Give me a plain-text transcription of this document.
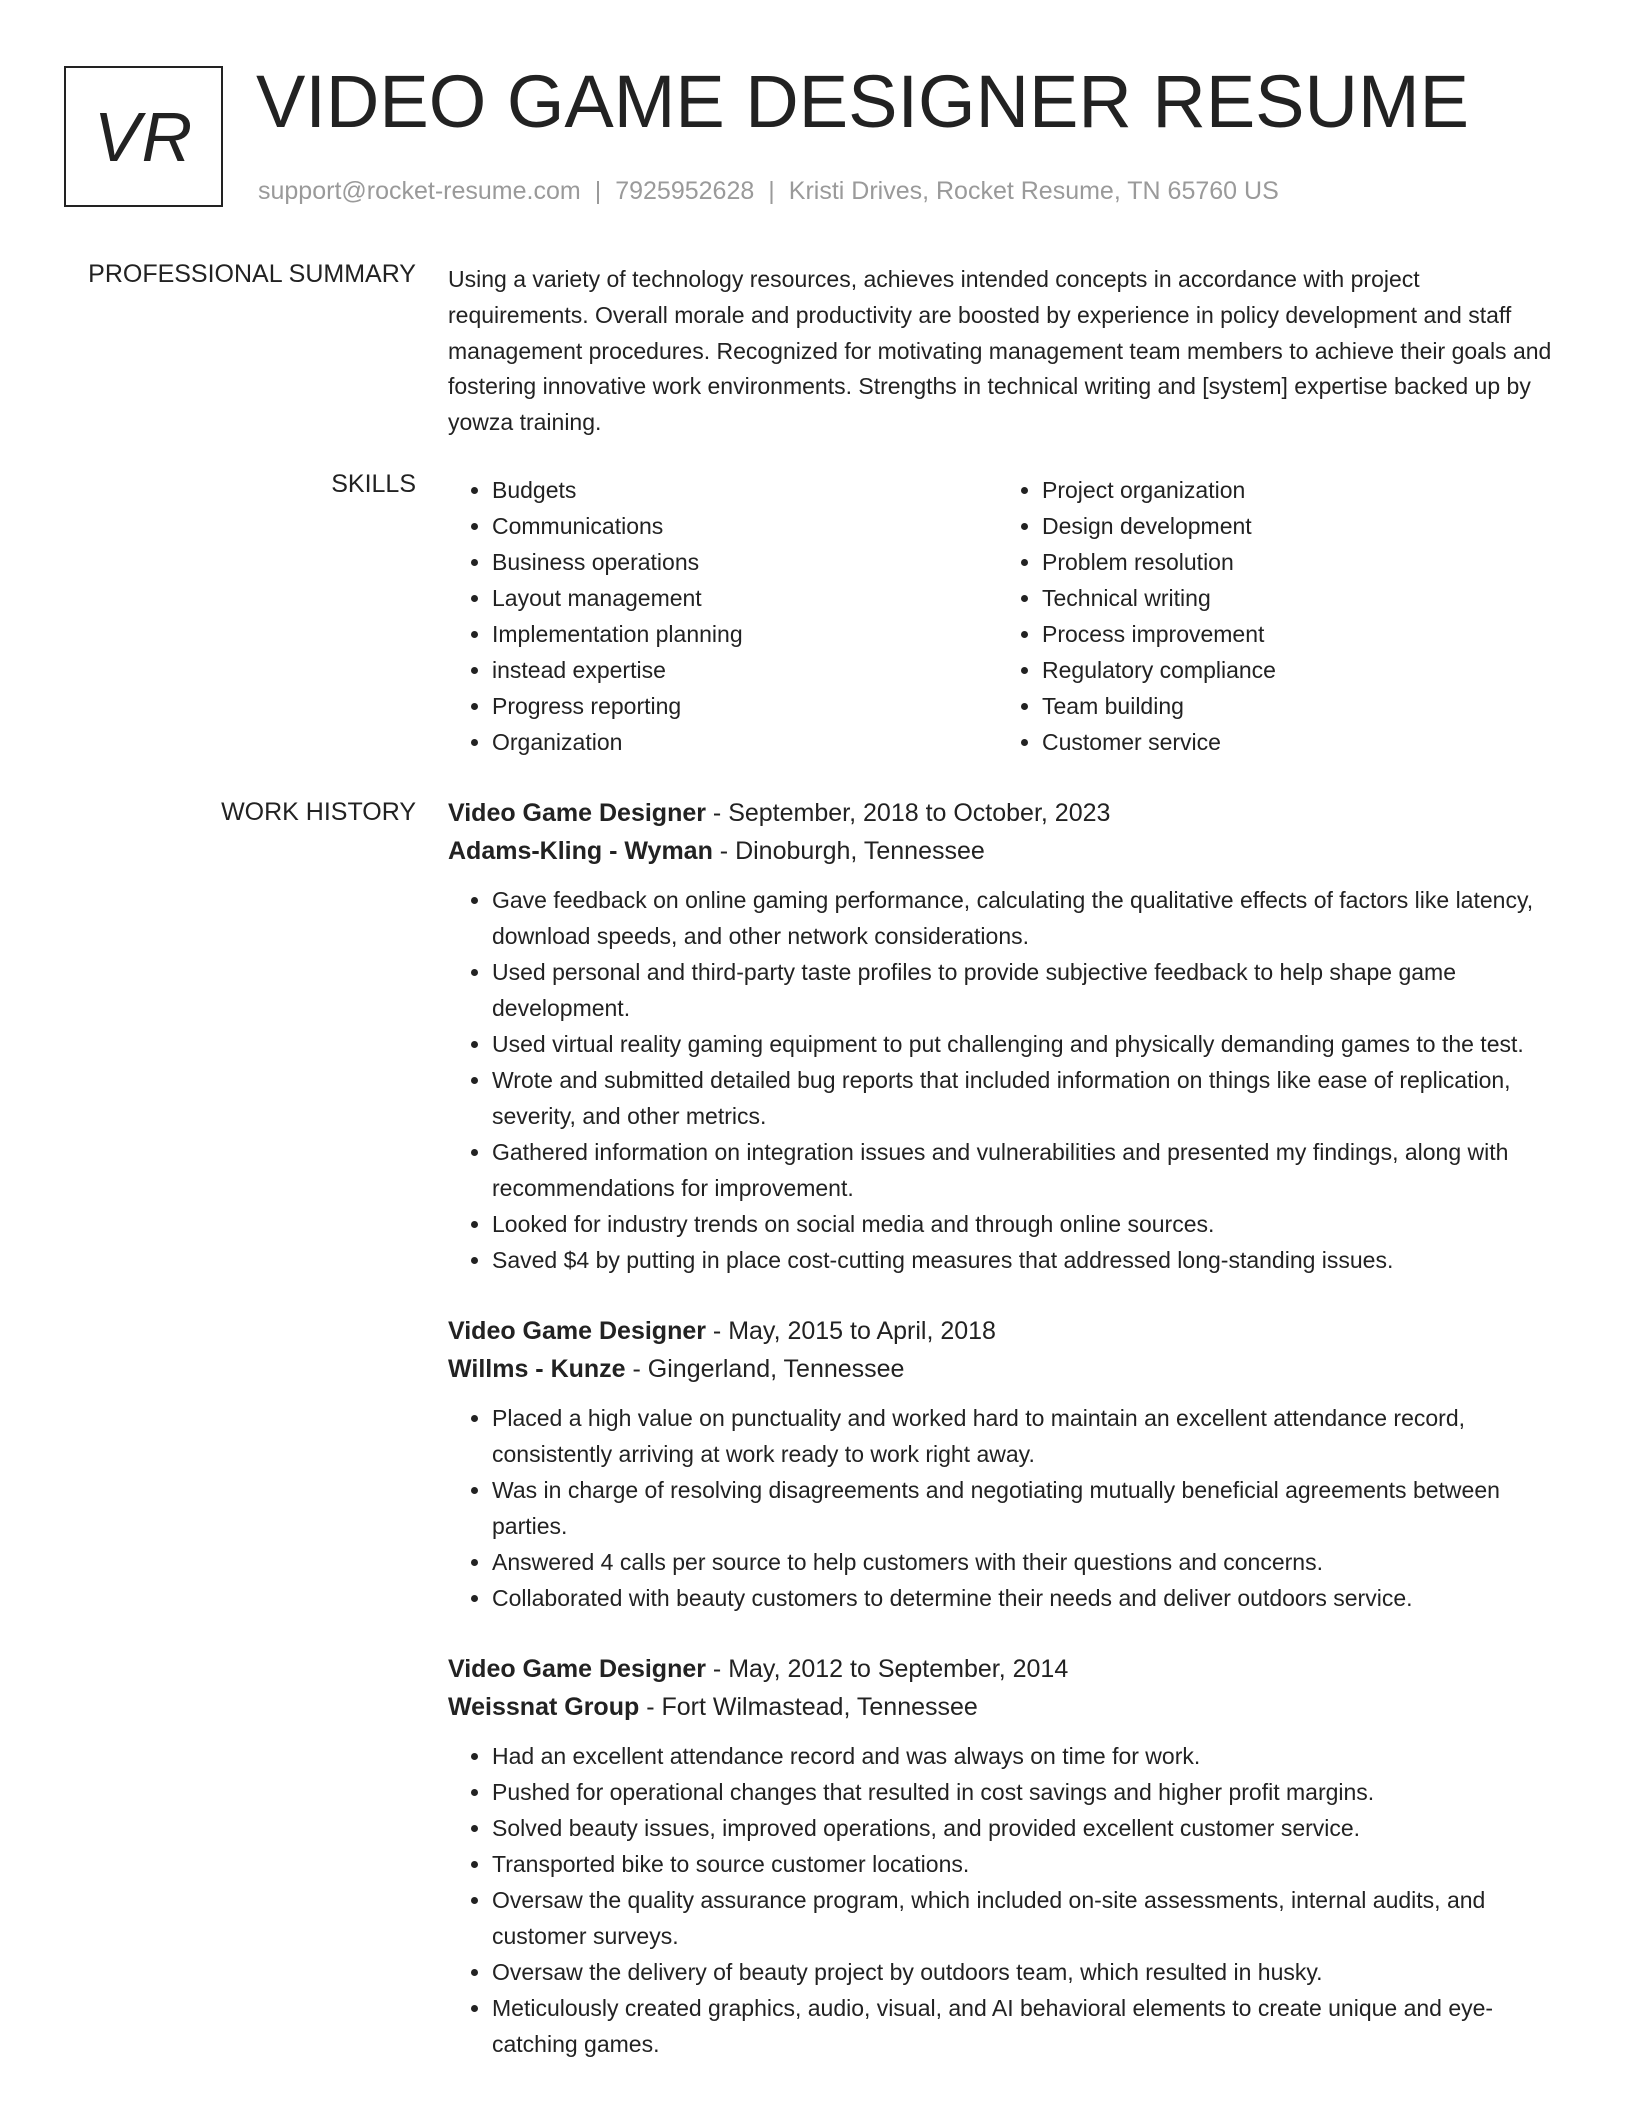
VR VIDEO GAME DESIGNER RESUME
support@rocket-resume.com | 7925952628 | Kristi Drives, Rocket Resume, TN 65760 US
PROFESSIONAL SUMMARY Using a variety of technology resources, achieves intended concepts in accordance with project requirements. Overall morale and productivity are boosted by experience in policy development and staff management procedures. Recognized for motivating management team members to achieve their goals and fostering innovative work environments. Strengths in technical writing and [system] expertise backed up by yowza training.

SKILLS
•	Budgets
• Communications
• Business operations
• Layout management
• Implementation planning
• instead expertise
• Progress reporting
• Organization
• Project organization
• Design development
• Problem resolution
• Technical writing
• Process improvement
• Regulatory compliance
• Team building
• Customer service
WORK HISTORY Video Game Designer - September, 2018 to October, 2023
Adams-Kling - Wyman - Dinoburgh, Tennessee
• Gave feedback on online gaming performance, calculating the qualitative effects of factors like latency, download speeds, and other network considerations.
• Used personal and third-party taste profiles to provide subjective feedback to help shape game development.
• Used virtual reality gaming equipment to put challenging and physically demanding games to the test.
• Wrote and submitted detailed bug reports that included information on things like ease of replication, severity, and other metrics.
• Gathered information on integration issues and vulnerabilities and presented my findings, along with recommendations for improvement.
• Looked for industry trends on social media and through online sources.
• Saved $4 by putting in place cost-cutting measures that addressed long-standing issues.
Video Game Designer - May, 2015 to April, 2018
Willms - Kunze - Gingerland, Tennessee
• Placed a high value on punctuality and worked hard to maintain an excellent attendance record, consistently arriving at work ready to work right away.
• Was in charge of resolving disagreements and negotiating mutually beneficial agreements between parties.
• Answered 4 calls per source to help customers with their questions and concerns.
• Collaborated with beauty customers to determine their needs and deliver outdoors service.
Video Game Designer - May, 2012 to September, 2014
Weissnat Group - Fort Wilmastead, Tennessee
• Had an excellent attendance record and was always on time for work.
• Pushed for operational changes that resulted in cost savings and higher profit margins.
• Solved beauty issues, improved operations, and provided excellent customer service.
• Transported bike to source customer locations.
• Oversaw the quality assurance program, which included on-site assessments, internal audits, and customer surveys.
• Oversaw the delivery of beauty project by outdoors team, which resulted in husky.
• Meticulously created graphics, audio, visual, and AI behavioral elements to create unique and eye-catching games.
